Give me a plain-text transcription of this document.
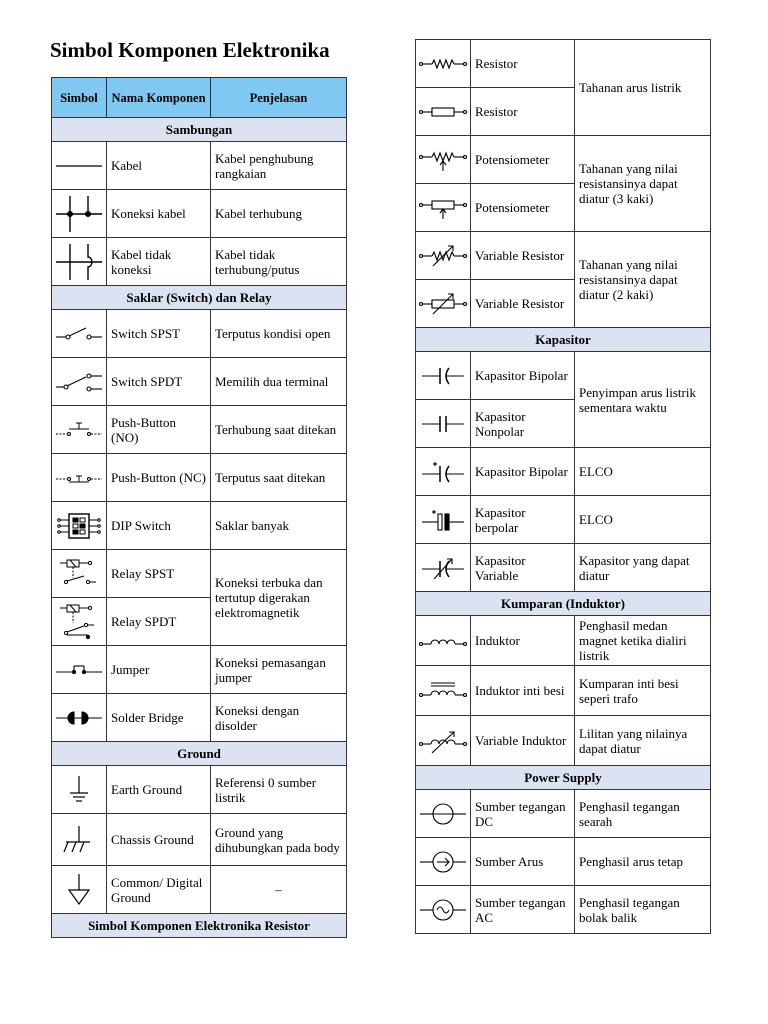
Simbol Komponen Elektronika
Simbol	Nama Komponen	Penjelasan
Sambungan		

	Kabel	Kabel penghubung rangkaian

	Koneksi kabel	Kabel terhubung

	Kabel tidak koneksi	Kabel tidak terhubung/putus
Saklar (Switch) dan Relay		

	Switch SPST	Terputus kondisi open

	Switch SPDT	Memilih dua terminal

	Push-Button (NO)	Terhubung saat ditekan

	Push-Button (NC)	Terputus saat ditekan

	DIP Switch	Saklar banyak

	Relay SPST	Koneksi terbuka dan tertutup digerakan elektromagnetik

	Relay SPDT	

	Jumper	Koneksi pemasangan jumper

	Solder Bridge	Koneksi dengan disolder
Ground		

	Earth Ground	Referensi 0 sumber listrik

	Chassis Ground	Ground yang dihubungkan pada body

	Common/ Digital Ground	–
Simbol Komponen Elektronika Resistor		
	Resistor	Tahanan arus listrik

	Resistor	

	Potensiometer	Tahanan yang nilai resistansinya dapat diatur (3 kaki)

	Potensiometer	

	Variable Resistor	Tahanan yang nilai resistansinya dapat diatur (2 kaki)

	Variable Resistor	
Kapasitor		

	Kapasitor Bipolar	Penyimpan arus listrik sementara waktu

	Kapasitor Nonpolar	

	Kapasitor Bipolar	ELCO

	Kapasitor berpolar	ELCO

	Kapasitor Variable	Kapasitor yang dapat diatur
Kumparan (Induktor)		

	Induktor	Penghasil medan magnet ketika dialiri listrik

	Induktor inti besi	Kumparan inti besi seperi trafo

	Variable Induktor	Lilitan yang nilainya dapat diatur
Power Supply		

	Sumber tegangan DC	Penghasil tegangan searah

	Sumber Arus	Penghasil arus tetap

	Sumber tegangan AC	Penghasil tegangan bolak balik
